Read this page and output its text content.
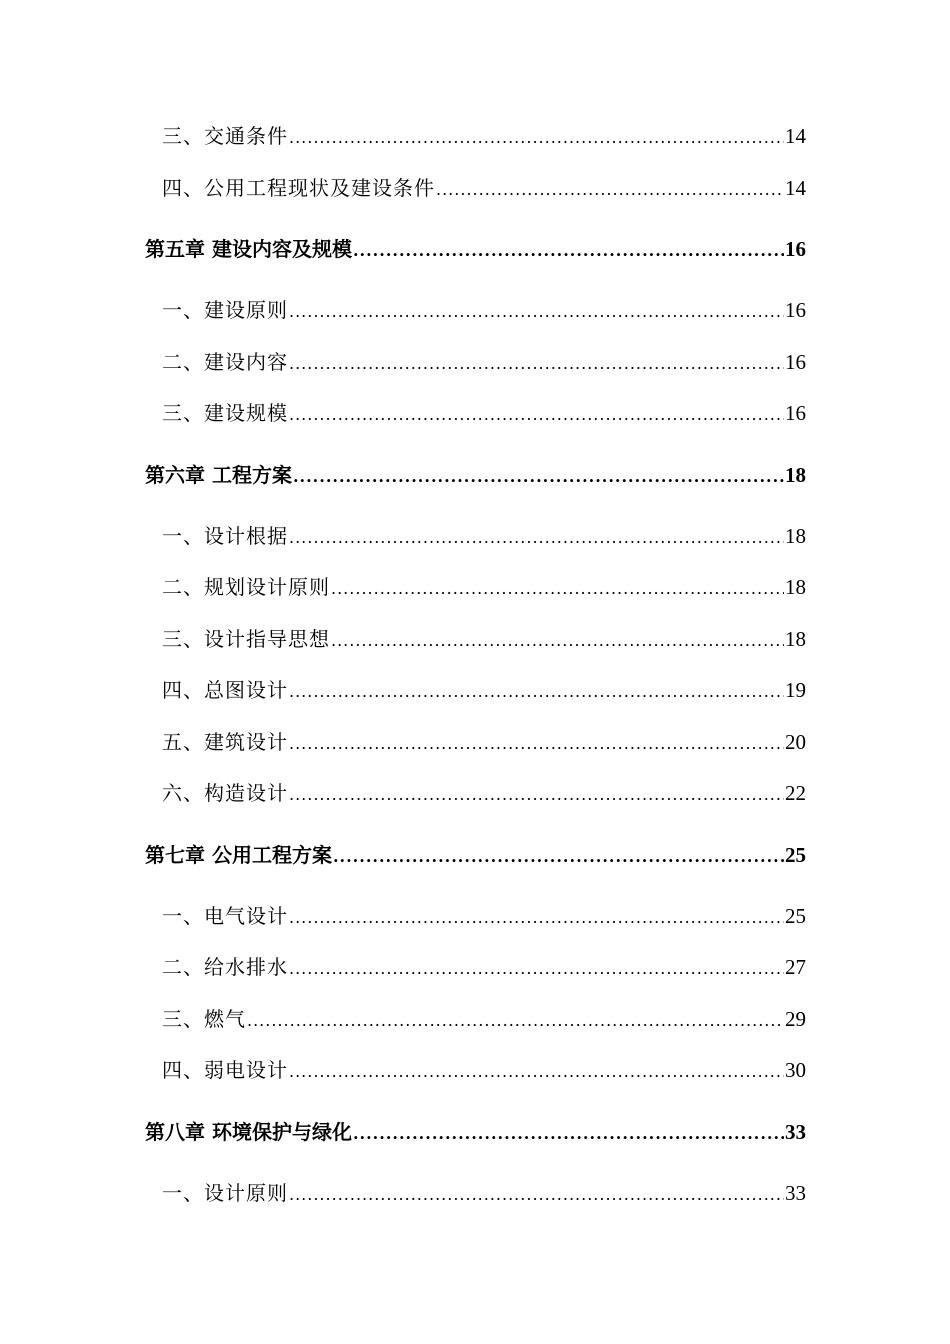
三、交通条件 .....	14
四、公用工程现状及建设条件 .....	14
第五章 建设内容及规模 .....	16
一、建设原则 .....	16
二、建设内容 .....	16
三、建设规模 .....	16
第六章 工程方案 .....	18
一、设计根据 .....	18
二、规划设计原则 .....	18
三、设计指导思想 .....	18
四、总图设计 .....	19
五、建筑设计 .....	20
六、构造设计 .....	22
第七章 公用工程方案 .....	25
一、电气设计 .....	25
二、给水排水 .....	27
三、燃气 .....	29
四、弱电设计 .....	30
第八章 环境保护与绿化 .....	33
一、设计原则 .....	33
